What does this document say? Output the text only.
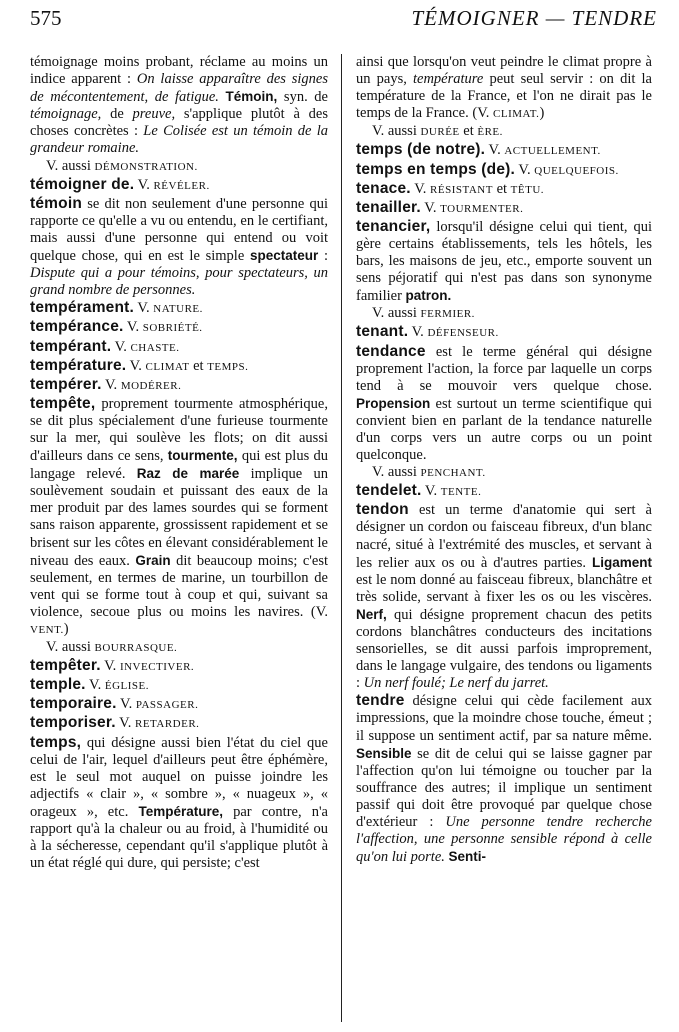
575	TÉMOIGNER — TENDRE

témoignage moins probant, réclame au moins un indice apparent : On laisse apparaître des signes de mécontentement, de fatigue. Témoin, syn. de témoignage, de preuve, s'applique plutôt à des choses concrètes : Le Colisée est un témoin de la grandeur romaine.

V. aussi DÉMONSTRATION.

témoigner de. V. RÉVÉLER.

témoin se dit non seulement d'une personne qui rapporte ce qu'elle a vu ou entendu, en le certifiant, mais aussi d'une personne qui entend ou voit quelque chose, qui en est le simple spectateur : Dispute qui a pour témoins, pour spectateurs, un grand nombre de personnes.

tempérament. V. NATURE.

tempérance. V. SOBRIÉTÉ.

tempérant. V. CHASTE.

température. V. CLIMAT et TEMPS.

tempérer. V. MODÉRER.

tempête, proprement tourmente atmosphérique, se dit plus spécialement d'une furieuse tourmente sur la mer, qui soulève les flots; on dit aussi d'ailleurs dans ce sens, tourmente, qui est plus du langage relevé. Raz de marée implique un soulèvement soudain et puissant des eaux de la mer produit par des lames sourdes qui se forment sans raison apparente, grossissent rapidement et se brisent sur les côtes en élevant considérablement le niveau des eaux. Grain dit beaucoup moins; c'est seulement, en termes de marine, un tourbillon de vent qui se forme tout à coup et qui, suivant sa violence, secoue plus ou moins les navires. (V. VENT.)

V. aussi BOURRASQUE.

tempêter. V. INVECTIVER.

temple. V. ÉGLISE.

temporaire. V. PASSAGER.

temporiser. V. RETARDER.

temps, qui désigne aussi bien l'état du ciel que celui de l'air, lequel d'ailleurs peut être éphémère, est le seul mot auquel on puisse joindre les adjectifs « clair », « sombre », « nuageux », « orageux », etc. Température, par contre, n'a rapport qu'à la chaleur ou au froid, à l'humidité ou à la sécheresse, cependant qu'il s'applique plutôt à un état réglé qui dure, qui persiste; c'est

ainsi que lorsqu'on veut peindre le climat propre à un pays, température peut seul servir : on dit la température de la France, et l'on ne dirait pas le temps de la France. (V. CLIMAT.)

V. aussi DURÉE et ÈRE.

temps (de notre). V. ACTUELLEMENT.

temps en temps (de). V. QUELQUEFOIS.

tenace. V. RÉSISTANT et TÊTU.

tenailler. V. TOURMENTER.

tenancier, lorsqu'il désigne celui qui tient, qui gère certains établissements, tels les hôtels, les bars, les maisons de jeu, etc., emporte souvent un sens péjoratif qui n'est pas dans son synonyme familier patron.

V. aussi FERMIER.

tenant. V. DÉFENSEUR.

tendance est le terme général qui désigne proprement l'action, la force par laquelle un corps tend à se mouvoir vers quelque chose. Propension est surtout un terme scientifique qui convient bien en parlant de la tendance naturelle d'un corps vers un autre corps ou un point quelconque.

V. aussi PENCHANT.

tendelet. V. TENTE.

tendon est un terme d'anatomie qui sert à désigner un cordon ou faisceau fibreux, d'un blanc nacré, situé à l'extrémité des muscles, et servant à les relier aux os ou à d'autres parties. Ligament est le nom donné au faisceau fibreux, blanchâtre et très solide, servant à fixer les os ou les viscères. Nerf, qui désigne proprement chacun des petits cordons blanchâtres conducteurs des incitations sensorielles, se dit aussi parfois improprement, dans le langage vulgaire, des tendons ou ligaments : Un nerf foulé; Le nerf du jarret.

tendre désigne celui qui cède facilement aux impressions, que la moindre chose touche, émeut ; il suppose un sentiment actif, par sa nature même. Sensible se dit de celui qui se laisse gagner par l'affection qu'on lui témoigne ou toucher par la souffrance des autres; il implique un sentiment passif qui doit être provoqué par quelque chose d'extérieur : Une personne tendre recherche l'affection, une personne sensible répond à celle qu'on lui porte. Senti-
